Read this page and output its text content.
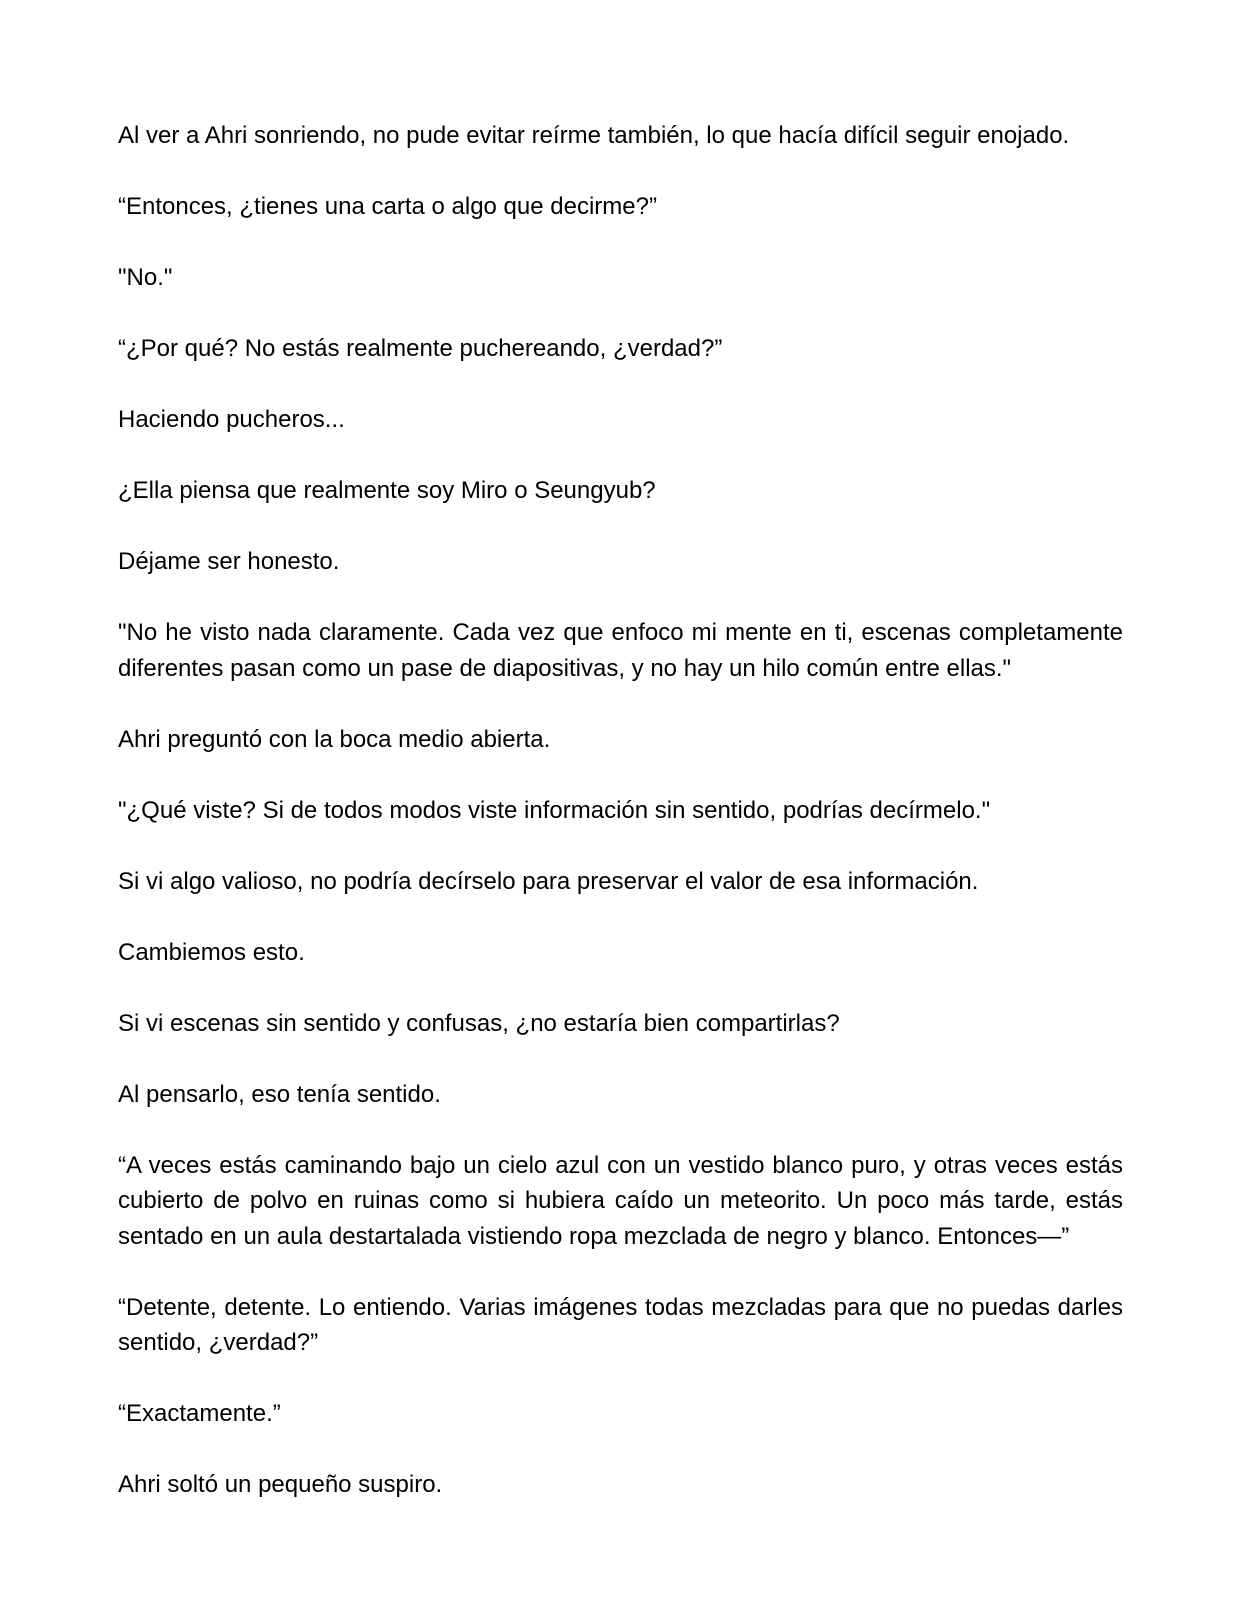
Al ver a Ahri sonriendo, no pude evitar reírme también, lo que hacía difícil seguir enojado.

“Entonces, ¿tienes una carta o algo que decirme?”

"No."

“¿Por qué? No estás realmente puchereando, ¿verdad?”

Haciendo pucheros...

¿Ella piensa que realmente soy Miro o Seungyub?

Déjame ser honesto.

"No he visto nada claramente. Cada vez que enfoco mi mente en ti, escenas completamente diferentes pasan como un pase de diapositivas, y no hay un hilo común entre ellas."

Ahri preguntó con la boca medio abierta.

"¿Qué viste? Si de todos modos viste información sin sentido, podrías decírmelo."

Si vi algo valioso, no podría decírselo para preservar el valor de esa información.

Cambiemos esto.

Si vi escenas sin sentido y confusas, ¿no estaría bien compartirlas?

Al pensarlo, eso tenía sentido.

“A veces estás caminando bajo un cielo azul con un vestido blanco puro, y otras veces estás cubierto de polvo en ruinas como si hubiera caído un meteorito. Un poco más tarde, estás sentado en un aula destartalada vistiendo ropa mezclada de negro y blanco. Entonces—”

“Detente, detente. Lo entiendo. Varias imágenes todas mezcladas para que no puedas darles sentido, ¿verdad?”

“Exactamente.”

Ahri soltó un pequeño suspiro.
